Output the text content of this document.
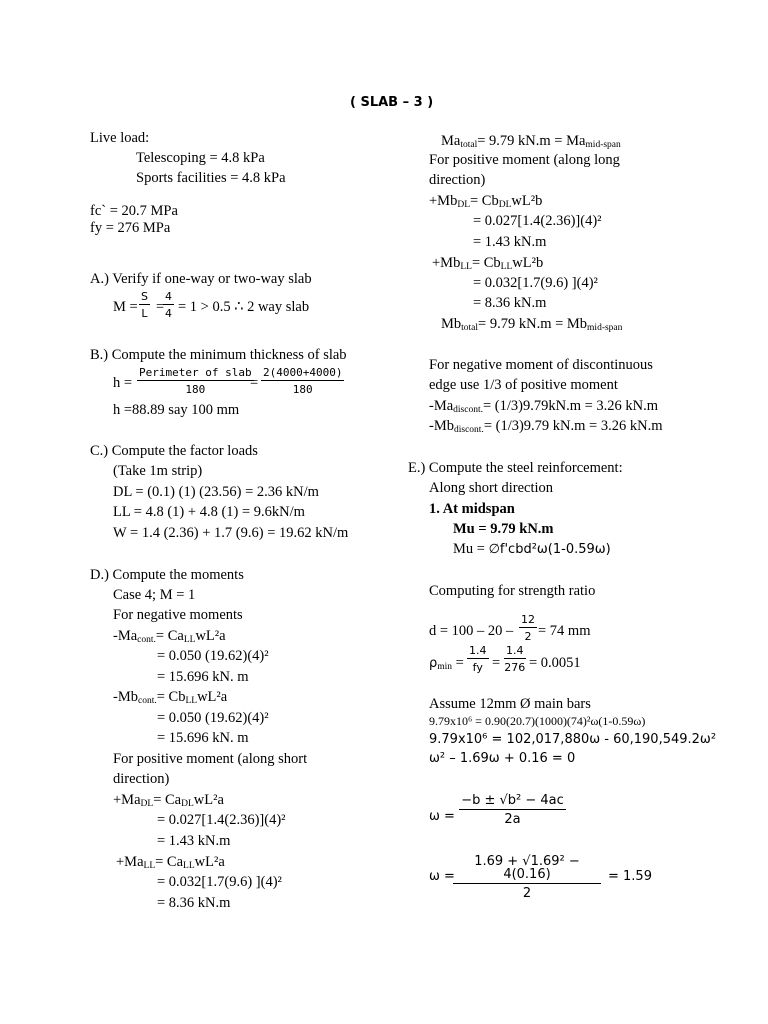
( SLAB – 3 )
Live load:
Telescoping = 4.8 kPa
Sports facilities = 4.8 kPa
fc` = 20.7 MPa
fy = 276 MPa
A.) Verify if one-way or two-way slab
$M = \frac{S}{L}$ =
$\frac{4}{4} = 1 > 0.5$ ∴ 2 way slab
B.) Compute the minimum thickness of slab
h =
Perimeter of slab
180	= $\frac{2(4000+4000)}{180}$
h =88.89 say 100 mm
C.) Compute the factor loads
(Take 1m strip)
DL = (0.1) (1) (23.56) = 2.36 kN/m
LL = 4.8 (1) + 4.8 (1) = 9.6kN/m
W = 1.4 (2.36) + 1.7 (9.6) = 19.62 kN/m
D.) Compute the moments
Case 4; M = 1
For negative moments
$-Ma_{cont.}= Ca_{LL}wL^2a$
= 0.050 (19.62)(4)²
= 15.696 kN. m
$-Mb_{cont.}= Cb_{LL}wL^2a$
= 0.050 (19.62)(4)²
= 15.696 kN. m
For positive moment (along short
direction)
$+Ma_{DL}= Ca_{DL}wL^2a$
= 0.027[1.4(2.36)](4)²
= 1.43 kN.m
$+Ma_{LL}= Ca_{LL}wL^2a$
= 0.032[1.7(9.6) ](4)²
= 8.36 kN.m
$Ma_{total}= 9.79$ $kN.m = Ma_{mid-span}$
For positive moment (along long
direction)
$+Mb_{DL}= Cb_{DL}wL^2b$
= 0.027[1.4(2.36)](4)²
= 1.43 kN.m
$+Mb_{LL}= Cb_{LL}wL^2b$
= 0.032[1.7(9.6) ](4)²
= 8.36 kN.m
$Mb_{total}= 9.79$ $kN.m = Mb_{mid-span}$
For negative moment of discontinuous
edge use 1/3 of positive moment
$-Ma_{discont.}= (1/3)9.79kN.m = 3.26$ kN.m
$-Mb_{discont.}= (1/3)9.79$ kN.m = 3.26 kN.m
E.) Compute the steel reinforcement:
Along short direction
1. At midspan
Mu = 9.79 kN.m
Mu = ∅f'cbd²ω(1-0.59ω)
Computing for strength ratio
$d = 100 - 20 - \frac{12}{2} = 74$ mm
$\rho_{min} = \frac{1.4}{fy} = \frac{1.4}{276} = 0.0051$
Assume 12mm Ø main bars
9.79x10⁶ = 0.90(20.7)(1000)(74)²ω(1-0.59ω)
9.79x10⁶ = 102,017,880ω - 60,190,549.2ω²
ω² – 1.69ω + 0.16 = 0
$\omega = \frac{\text{−b ± √b² − 4ac}}{2a}$
$\omega = \frac{\text{1.69 + √1.69² − 4(0.16)}}{2} = 1.59$
